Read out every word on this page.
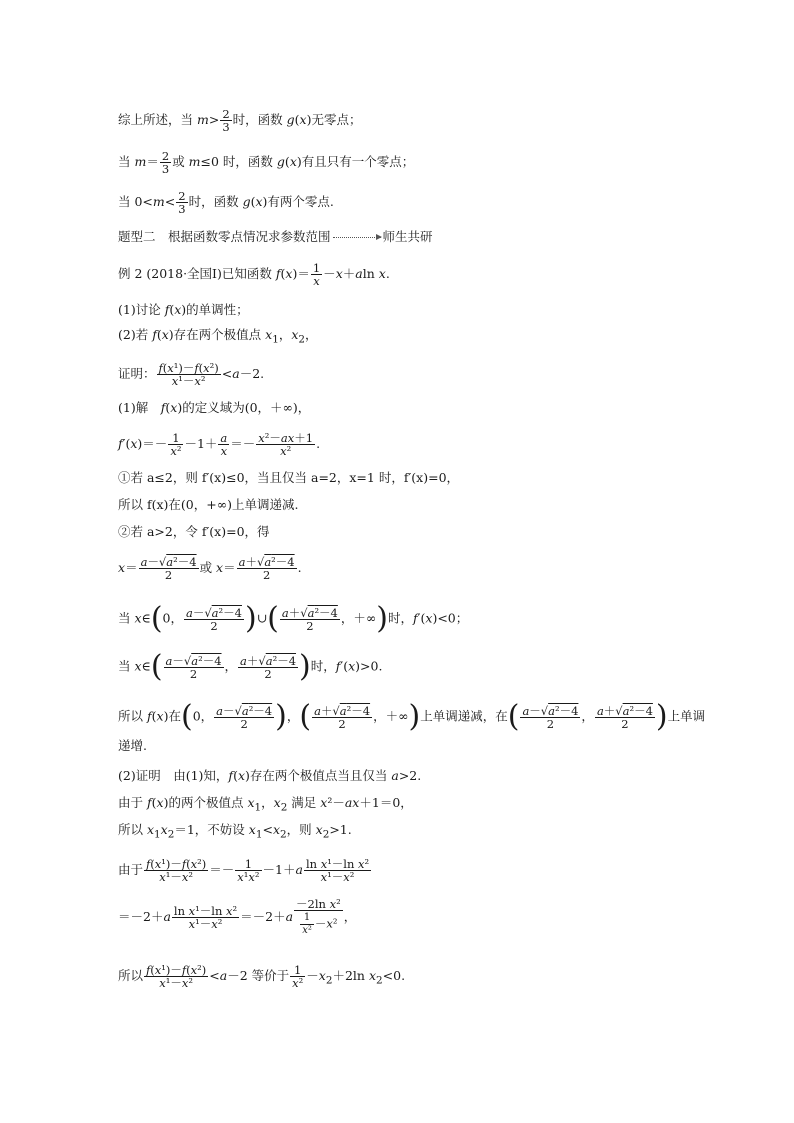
综上所述，当 $m> \frac{2}{3}$ 时，函数 g(x)无零点；
当 $m= \frac{2}{3}$ 或 m≤0 时，函数 g(x)有且只有一个零点；
当 $0<m< \frac{2}{3}$ 时，函数 g(x)有两个零点.
题型二　根据函数零点情况求参数范围	师生共研
例 2 (2018·全国Ⅰ)已知函数 $f(x)= \frac{1}{x} -x+aln$ x.
(1)讨论 f(x)的单调性；
(2)若 f(x)存在两个极值点 $x_1$，$x_2$，
证明： $\frac{\text{f(x¹)－f(x²)}}{\text{x¹－x²}} <a-2$.
(1)解　f(x)的定义域为(0，＋∞)，
$f'(x)=- \frac{1}{\text{x²}} -1+ \frac{a}{x} =- \frac{\text{x²－ax＋1}}{\text{x²}}$ .
①若 a≤2，则 f′(x)≤0，当且仅当 a=2，x=1 时，f′(x)=0，
所以 f(x)在(0，+∞)上单调递减.
②若 a>2，令 f′(x)=0，得
$x= \frac{\text{a－√a²－4}}{2}$ 或 $x= \frac{\text{a＋√a²－4}}{2}$ .
当 x∈(0， $\frac{\text{a－√a²－4}}{2}$ )∪( $\frac{\text{a＋√a²－4}}{2}$ ，＋∞)时，f′(x)<0；
当 x∈( $\frac{\text{a－√a²－4}}{2}$ ， $\frac{\text{a＋√a²－4}}{2}$ )时，f′(x)>0.
所以 f(x)在(0， $\frac{\text{a－√a²－4}}{2}$ )，( $\frac{\text{a＋√a²－4}}{2}$ ，＋∞)上单调递减，在( $\frac{\text{a－√a²－4}}{2}$ ， $\frac{\text{a＋√a²－4}}{2}$ )上单调
递增.
(2)证明　由(1)知，f(x)存在两个极值点当且仅当 a>2.
由于 f(x)的两个极值点 $x_1$，$x_2$ 满足 x²－ax＋1＝0，
所以 $x_1x_2=1$，不妨设 $x_1<x_2$，则 $x_2>1$.
由于 $\frac{\text{f(x¹)－f(x²)}}{\text{x¹－x²}} =- \frac{1}{\text{x¹x²}} -1+a \frac{\text{ln x¹－ln x²}}{\text{x¹－x²}}$
$=-2+a \frac{\text{ln x¹－ln x²}}{\text{x¹－x²}} =-2+a \frac{\text{－2ln x²}}{\frac{1}{\text{x²}} -x^2}$ ，
所以 $\frac{\text{f(x¹)－f(x²)}}{\text{x¹－x²}} <a-2$ 等价于 $\frac{1}{\text{x²}} -x_2+2\ln$ $x_2<0$.
